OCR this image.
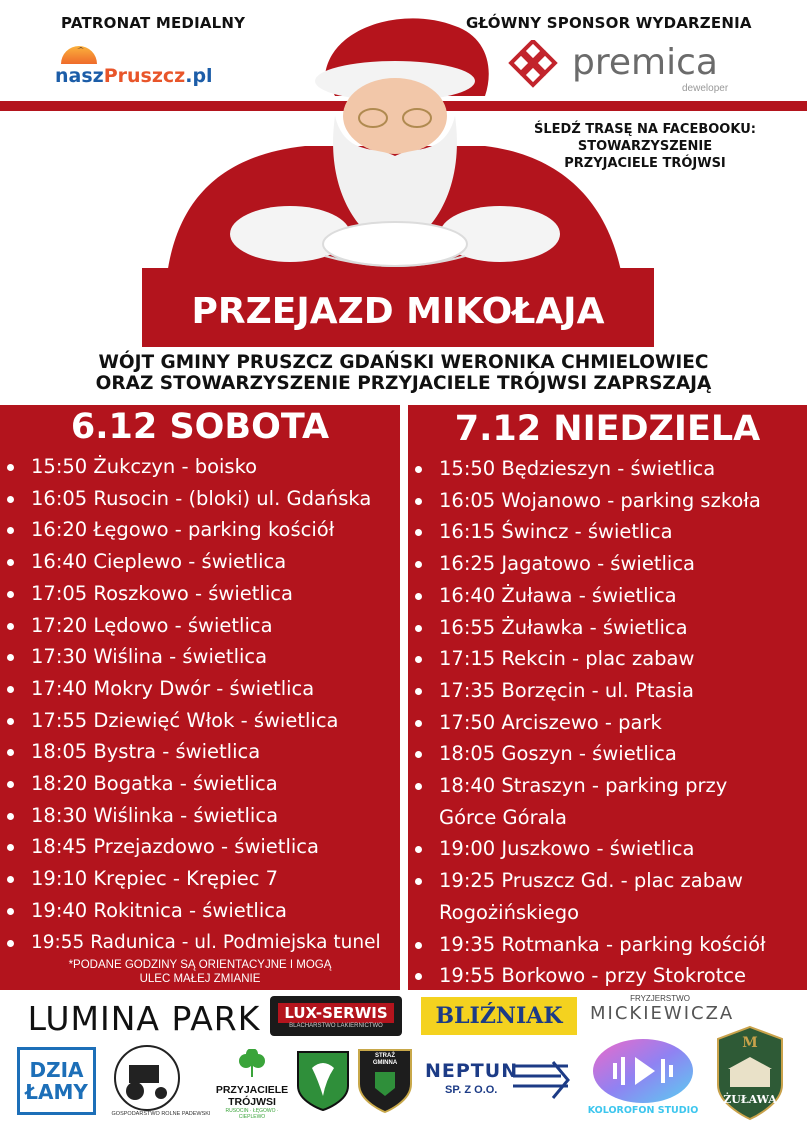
PATRONAT MEDIALNY
naszPruszcz.pl
GŁÓWNY SPONSOR WYDARZENIA
premica
deweloper
ŚLEDŹ TRASĘ NA FACEBOOKU:
STOWARZYSZENIE
PRZYJACIELE TRÓJWSI
PRZEJAZD MIKOŁAJA
WÓJT GMINY PRUSZCZ GDAŃSKI WERONIKA CHMIELOWIEC
ORAZ STOWARZYSZENIE PRZYJACIELE TRÓJWSI ZAPRSZAJĄ
6.12 SOBOTA
15:50 Żukczyn - boisko
16:05 Rusocin - (bloki) ul. Gdańska
16:20 Łęgowo - parking kościół
16:40 Cieplewo - świetlica
17:05 Roszkowo - świetlica
17:20 Lędowo - świetlica
17:30 Wiślina - świetlica
17:40 Mokry Dwór - świetlica
17:55 Dziewięć Włok - świetlica
18:05 Bystra - świetlica
18:20 Bogatka - świetlica
18:30 Wiślinka - świetlica
18:45 Przejazdowo - świetlica
19:10 Krępiec - Krępiec 7
19:40 Rokitnica - świetlica
19:55 Radunica - ul. Podmiejska tunel
*PODANE GODZINY SĄ ORIENTACYJNE I MOGĄ
ULEC MAŁEJ ZMIANIE
7.12 NIEDZIELA
15:50 Będzieszyn - świetlica
16:05 Wojanowo - parking szkoła
16:15 Świncz - świetlica
16:25 Jagatowo - świetlica
16:40 Żuława - świetlica
16:55 Żuławka - świetlica
17:15 Rekcin - plac zabaw
17:35 Borzęcin - ul. Ptasia
17:50 Arciszewo - park
18:05 Goszyn - świetlica
18:40 Straszyn - parking przy
Górce Górala
19:00 Juszkowo - świetlica
19:25 Pruszcz Gd. - plac zabaw
Rogożińskiego
19:35 Rotmanka - parking kościół
19:55 Borkowo - przy Stokrotce
LUMINA PARK	LUX-SERWIS
BLACHARSTWO LAKIERNICTWO BLIŹNIAK
FRYZJERSTWO
MICKIEWICZA
DZIA
ŁAMY
GOSPODARSTWO ROLNE PADEWSKI
PRZYJACIELE
TRÓJWSI
RUSOCIN · ŁĘGOWO · CIEPLEWO
STRAŻ
GMINNA	NEPTUN
SP. Z O.O.
KOLOROFON STUDIO
M
ŻUŁAWA
